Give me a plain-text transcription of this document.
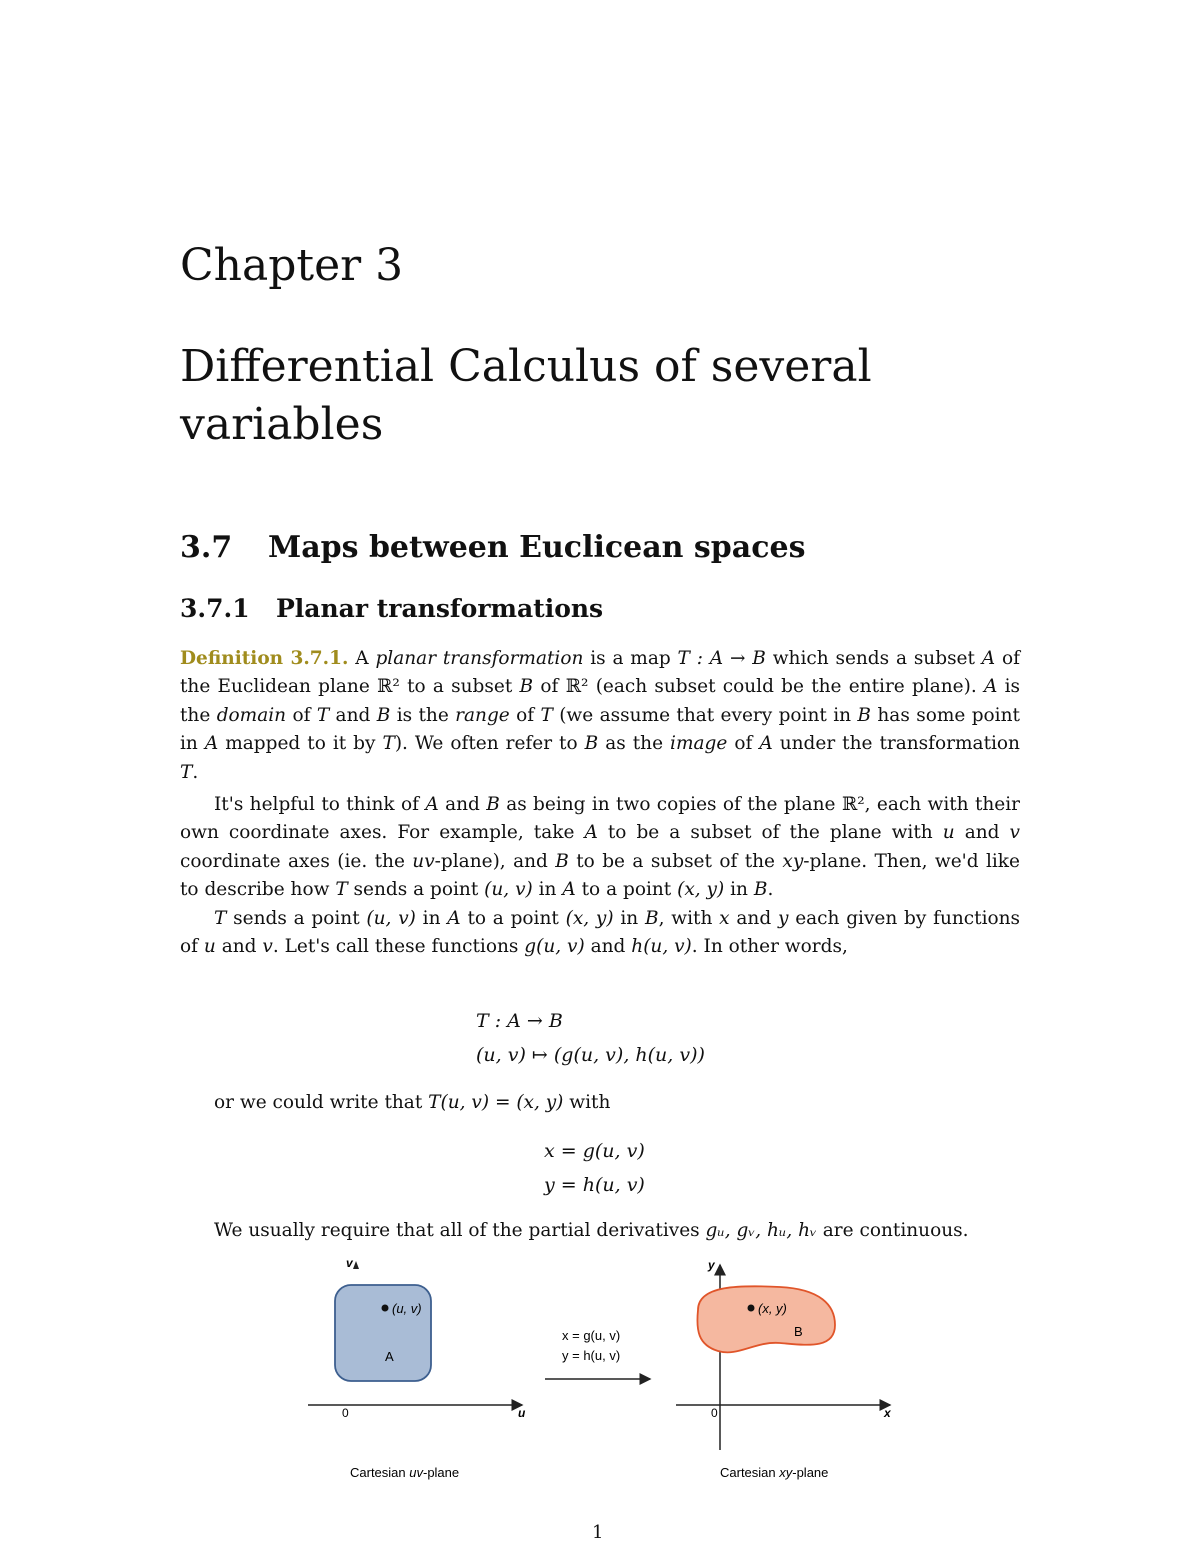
Chapter 3
Differential Calculus of several variables
3.7 Maps between Euclicean spaces
3.7.1 Planar transformations

Definition 3.7.1. A planar transformation is a map T : A → B which sends a subset A of the Euclidean plane ℝ² to a subset B of ℝ² (each subset could be the entire plane). A is the domain of T and B is the range of T (we assume that every point in B has some point in A mapped to it by T). We often refer to B as the image of A under the transformation T.

It's helpful to think of A and B as being in two copies of the plane ℝ², each with their own coordinate axes. For example, take A to be a subset of the plane with u and v coordinate axes (ie. the uv-plane), and B to be a subset of the xy-plane. Then, we'd like to describe how T sends a point (u, v) in A to a point (x, y) in B.

T sends a point (u, v) in A to a point (x, y) in B, with x and y each given by functions of u and v. Let's call these functions g(u, v) and h(u, v). In other words,

T : A → B
(u, v) ↦ (g(u, v), h(u, v))
or we could write that T(u, v) = (x, y) with
x = g(u, v)
y = h(u, v)
We usually require that all of the partial derivatives gᵤ, gᵥ, hᵤ, hᵥ are continuous.
v
u
0
(u, v)
A
Cartesian uv-plane
x = g(u, v)
y = h(u, v)
y
x
0
(x, y)
B
Cartesian xy-plane
1
